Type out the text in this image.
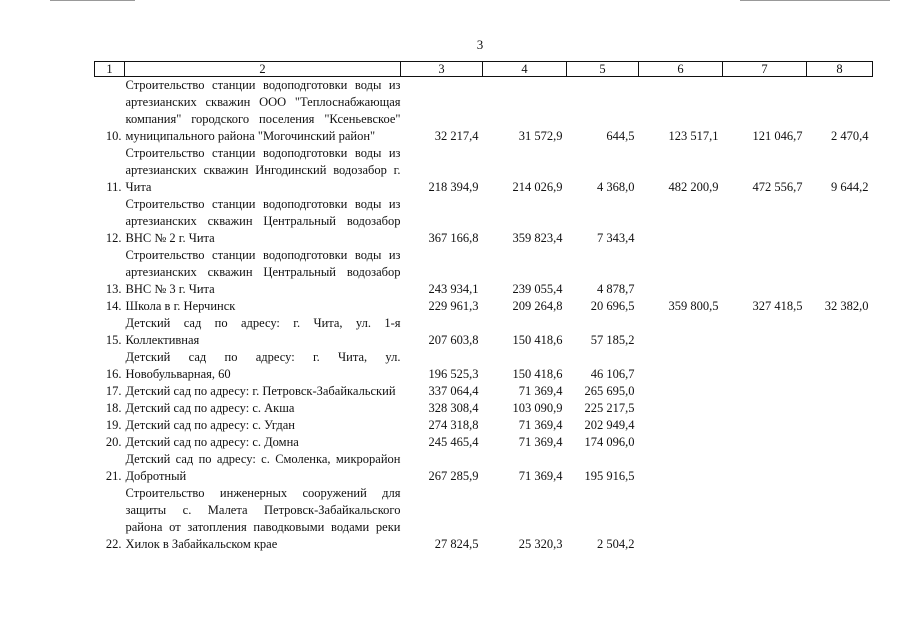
3
1	2	3	4	5	6	7	8
10.	Строительство станции водоподготовки воды из артезианских скважин ООО "Теплоснабжающая компания" городского поселения "Ксеньевское" муниципального района "Могочинский район"	32 217,4	31 572,9	644,5	123 517,1	121 046,7	2 470,4
11.	Строительство станции водоподготовки воды из артезианских скважин Ингодинский водозабор г. Чита	218 394,9	214 026,9	4 368,0	482 200,9	472 556,7	9 644,2
12.	Строительство станции водоподготовки воды из артезианских скважин Центральный водозабор ВНС № 2 г. Чита	367 166,8	359 823,4	7 343,4			
13.	Строительство станции водоподготовки воды из артезианских скважин Центральный водозабор ВНС № 3 г. Чита	243 934,1	239 055,4	4 878,7			
14.	Школа в г. Нерчинск	229 961,3	209 264,8	20 696,5	359 800,5	327 418,5	32 382,0
15.	Детский сад по адресу: г. Чита, ул. 1-я Коллективная	207 603,8	150 418,6	57 185,2			
16.	Детский сад по адресу: г. Чита, ул. Новобульварная, 60	196 525,3	150 418,6	46 106,7			
17.	Детский сад по адресу: г. Петровск-Забайкальский	337 064,4	71 369,4	265 695,0			
18.	Детский сад по адресу: с. Акша	328 308,4	103 090,9	225 217,5			
19.	Детский сад по адресу: с. Угдан	274 318,8	71 369,4	202 949,4			
20.	Детский сад по адресу: с. Домна	245 465,4	71 369,4	174 096,0			
21.	Детский сад по адресу: с. Смоленка, микрорайон Добротный	267 285,9	71 369,4	195 916,5			
22.	Строительство инженерных сооружений для защиты с. Малета Петровск-Забайкальского района от затопления паводковыми водами реки Хилок в Забайкальском крае	27 824,5	25 320,3	2 504,2			
